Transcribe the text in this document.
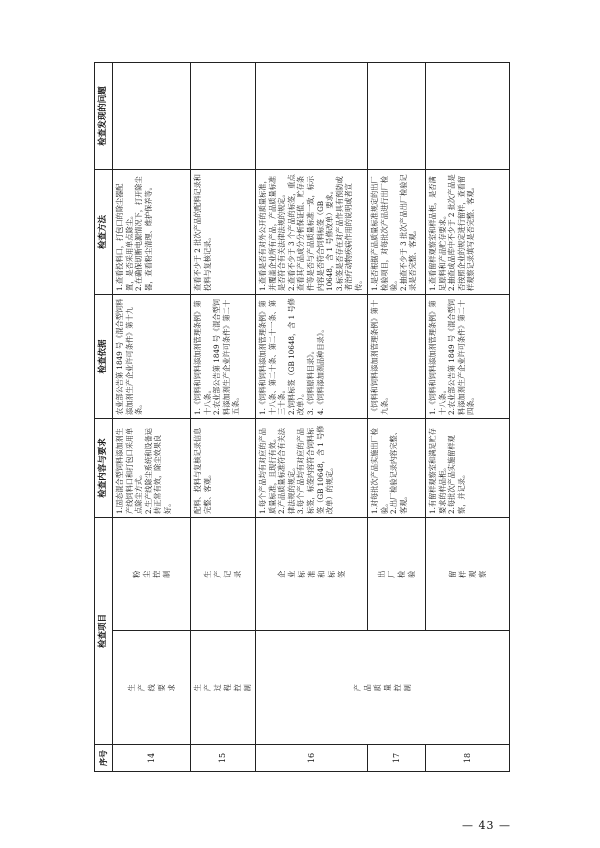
序号	检查项目		检查内容与要求	检查依据	检查方法	检查发现的问题
14	生产线要求	粉尘控制	1.固态混合型饲料添加剂生产线饲料口和打包口采用单点除尘方式。
2.生产线除尘系统和设备运转正常有效，除尘效果良好。	农业部公告第 1849 号《混合型饲料添加剂生产企业许可条件》第十九条。	1.查看投料口，打包口的除尘器配置，是否采用单点除尘。
2.在确保切断电源情况下，打开除尘器，查看粉尘清理、维护保养等。	
15	生产过程控制	生产记录	配料、投料与复核记录信息完整、客观。	1.《饲料和饲料添加剂管理条例》第十八条。
2.农业部公告第 1849 号《混合型饲料添加剂生产企业许可条件》第二十五条。	查看不少于 2 批次产品的配料记录和投料与复核记录。	
16	产品质量控制	企业标准和标签	1.每个产品均有对应的产品质量标准，且现行有效。
2.产品质量标准符合有关法律法规的规定。
3.每个产品均有对应的产品标签，标签内容符合饲料标签（GB 10648，含 1 号修改单）的规定。	1.《饲料和饲料添加剂管理条例》第十八条、第二十条、第二十一条、第三十条。
2.饲料标签（GB 10648，含 1 号修改单）。
3.《饲料原料目录》。
4.《饲料添加剂品种目录》。	1.查看是否有对外公开的质量标准，并覆盖企业所有产品，产品质量标准是否符合有关法律法规的规定。
2.查看不少于 3 个产品的标签，重点查看其产品成分分析保证值、贮存条件等是否与产品质量标准一致，标示内容是否符合饲料标签（GB 10648，含 1 号修改单）要求。
3.标签是否存在对产品作具有预防或者治疗动物疾病作用的说明或者宣传。	
17		出厂检验	1.对每批次产品实施出厂检验。
2.出厂检验记录内容完整、客观。	《饲料和饲料添加剂管理条例》第十九条。	1.是否根据产品质量标准规定的出厂检验项目，对每批次产品进行出厂检验。
2.抽查不少于 3 批次产品出厂检验记录是否完整、客观。	
18		留样观察	1.有留样观察室和满足贮存要求的样品柜。
2.每批次产品实施留样观察，并记录。	1.《饲料和饲料添加剂管理条例》第十八条。
2.农业部公告第 1849 号《混合型饲料添加剂生产企业许可条件》第二十四条。	1.查看留样观察室和样品柜，是否满足原料和产品贮存要求。
2.抽查成品库中不少于 2 批次产品是否按照企业的规定进行留样，查看留样观察记录填写是否完整、客观。	
— 43 —
